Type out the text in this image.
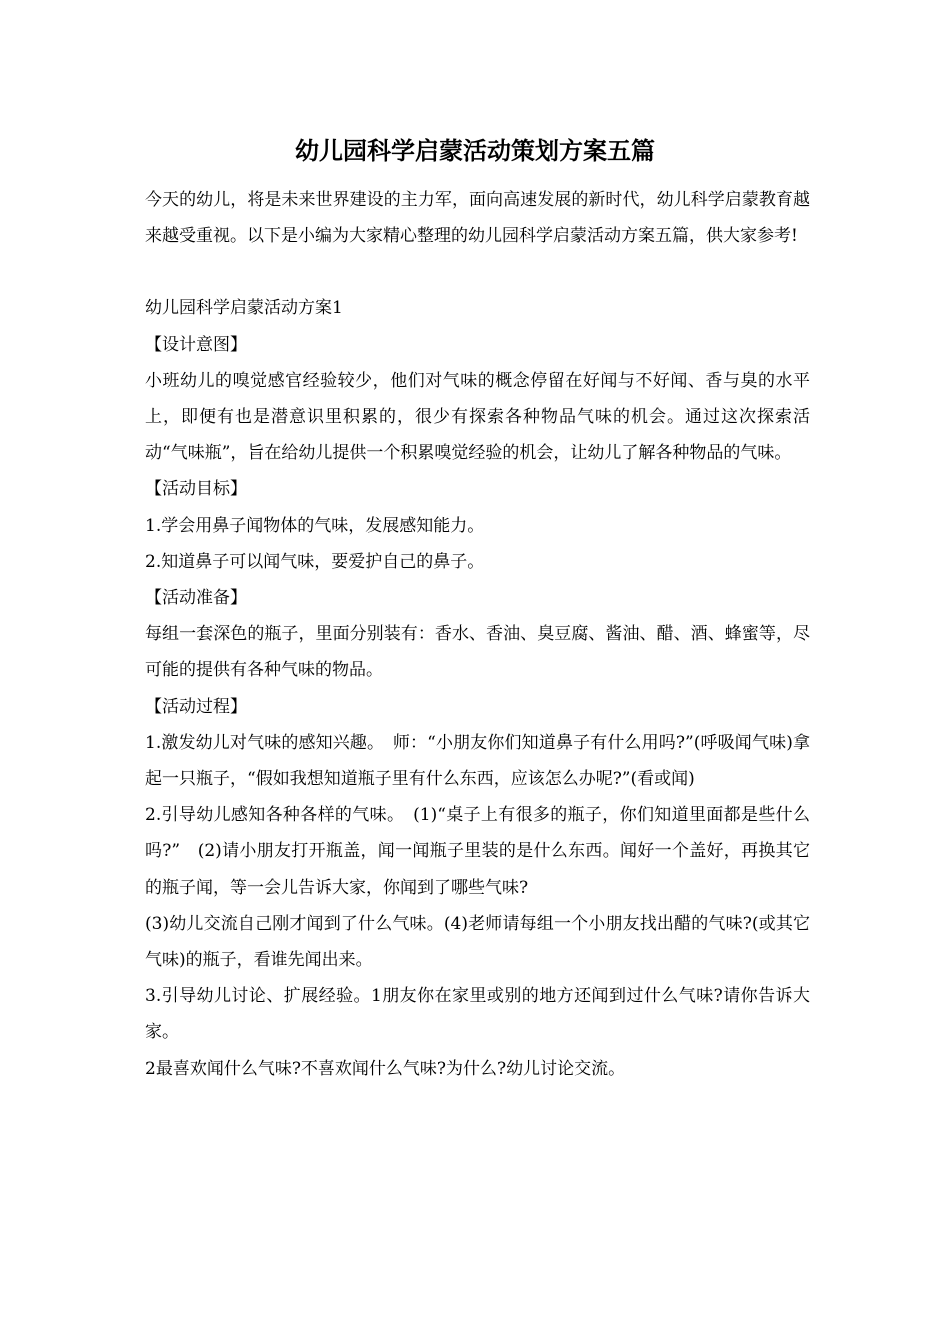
幼儿园科学启蒙活动策划方案五篇

今天的幼儿，将是未来世界建设的主力军，面向高速发展的新时代，幼儿科学启蒙教育越来越受重视。以下是小编为大家精心整理的幼儿园科学启蒙活动方案五篇，供大家参考!

幼儿园科学启蒙活动方案1

【设计意图】

小班幼儿的嗅觉感官经验较少，他们对气味的概念停留在好闻与不好闻、香与臭的水平上，即便有也是潜意识里积累的，很少有探索各种物品气味的机会。通过这次探索活动“气味瓶”，旨在给幼儿提供一个积累嗅觉经验的机会，让幼儿了解各种物品的气味。

【活动目标】

1.学会用鼻子闻物体的气味，发展感知能力。

2.知道鼻子可以闻气味，要爱护自己的鼻子。

【活动准备】

每组一套深色的瓶子，里面分别装有：香水、香油、臭豆腐、酱油、醋、酒、蜂蜜等，尽可能的提供有各种气味的物品。

【活动过程】

1.激发幼儿对气味的感知兴趣。　师：“小朋友你们知道鼻子有什么用吗?”(呼吸闻气味)拿起一只瓶子，“假如我想知道瓶子里有什么东西，应该怎么办呢?”(看或闻)

2.引导幼儿感知各种各样的气味。　(1)“桌子上有很多的瓶子，你们知道里面都是些什么吗?”　(2)请小朋友打开瓶盖，闻一闻瓶子里装的是什么东西。闻好一个盖好，再换其它的瓶子闻，等一会儿告诉大家，你闻到了哪些气味?

(3)幼儿交流自己刚才闻到了什么气味。(4)老师请每组一个小朋友找出醋的气味?(或其它气味)的瓶子，看谁先闻出来。

3.引导幼儿讨论、扩展经验。1朋友你在家里或别的地方还闻到过什么气味?请你告诉大家。

2最喜欢闻什么气味?不喜欢闻什么气味?为什么?幼儿讨论交流。
